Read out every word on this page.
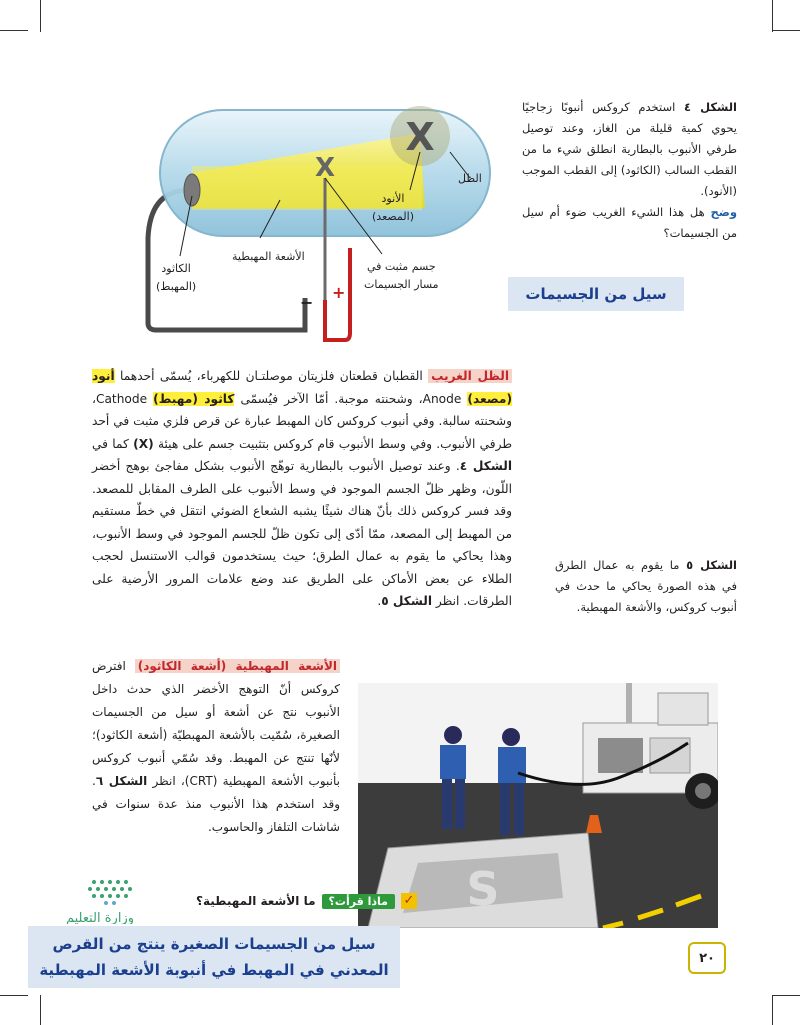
X
X	الظل
الأنود
(المصعد)
الأشعة المهبطية
الكاثود
(المهبط)
جسم مثبت في
مسار الجسيمات
−
+
الشكل ٤ استخدم كروكس أنبوبًا زجاجيًا يحوي كمية قليلة من الغاز، وعند توصيل طرفي الأنبوب بالبطارية انطلق شيء ما من القطب السالب (الكاثود) إلى القطب الموجب (الأنود).
وضح هل هذا الشيء الغريب ضوء أم سيل من الجسيمات؟
سيل من الجسيمات
الظل الغريب القطبان قطعتان فلزيتان موصلتـان للكهرباء، يُسمّى أحدهما أنود (مصعد) Anode، وشحنته موجبة. أمّا الآخر فيُسمّى كاثود (مهبط) Cathode، وشحنته سالبة. وفي أنبوب كروكس كان المهبط عبارة عن قرص فلزي مثبت في أحد طرفي الأنبوب. وفي وسط الأنبوب قام كروكس بتثبيت جسم على هيئة (X) كما في الشكل ٤. وعند توصيل الأنبوب بالبطارية توهّج الأنبوب بشكل مفاجئ بوهج أخضر اللّون، وظهر ظلّ الجسم الموجود في وسط الأنبوب على الطرف المقابل للمصعد. وقد فسر كروكس ذلك بأنّ هناك شيئًا يشبه الشعاع الضوئي انتقل في خطّ مستقيم من المهبط إلى المصعد، ممّا أدّى إلى تكون ظلّ للجسم الموجود في وسط الأنبوب، وهذا يحاكي ما يقوم به عمال الطرق؛ حيث يستخدمون قوالب الاستنسل لحجب الطلاء عن بعض الأماكن على الطريق عند وضع علامات المرور الأرضية على الطرقات. انظر الشكل ٥.
الشكل ٥ ما يقوم به عمال الطرق في هذه الصورة يحاكي ما حدث في أنبوب كروكس، والأشعة المهبطية.
S
الأشعة المهبطية (أشعة الكاثود) افترض كروكس أنّ التوهج الأخضر الذي حدث داخل الأنبوب نتج عن أشعة أو سيل من الجسيمات الصغيرة، سُمّيت بالأشعة المهبطيّة (أشعة الكاثود)؛ لأنّها تنتج عن المهبط. وقد سُمّي أنبوب كروكس بأنبوب الأشعة المهبطية (CRT)، انظر الشكل ٦. وقد استخدم هذا الأنبوب منذ عدة سنوات في شاشات التلفاز والحاسوب.
وزارة التعليم
✓
ماذا قرأت؟
ما الأشعة المهبطية؟
سيل من الجسيمات الصغيرة ينتج من القرص
المعدني في المهبط في أنبوبة الأشعة المهبطية
٢٠
